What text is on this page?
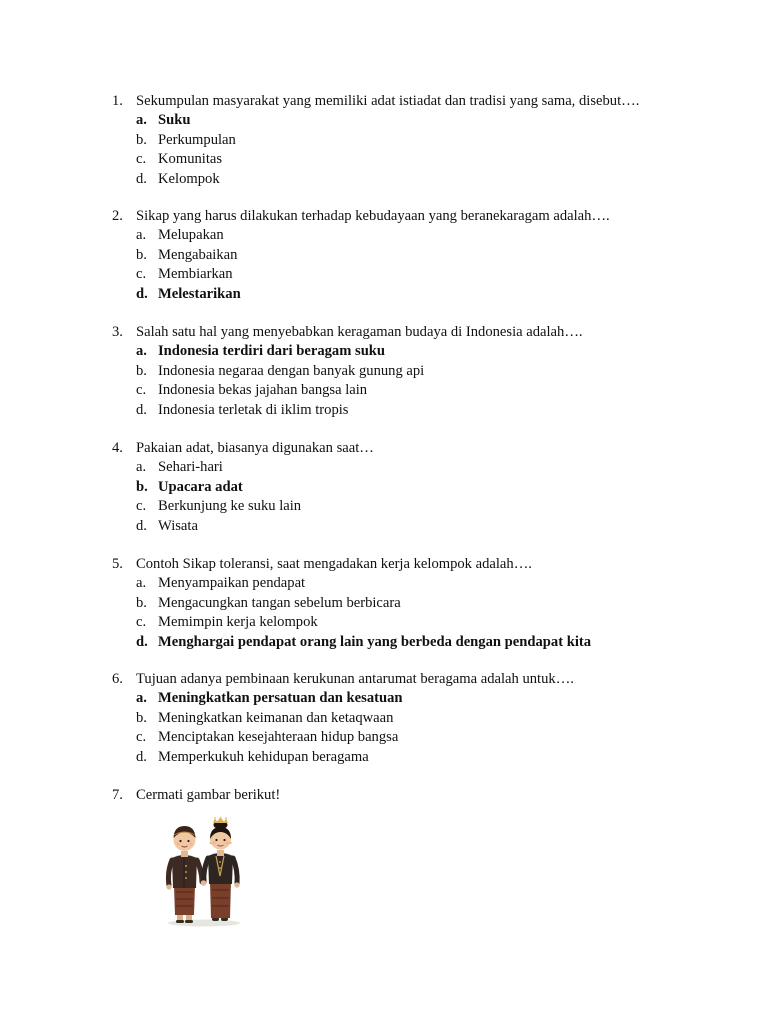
1. Sekumpulan masyarakat yang memiliki adat istiadat dan tradisi yang sama, disebut….
a. Suku
b. Perkumpulan
c. Komunitas
d. Kelompok
2. Sikap yang harus dilakukan terhadap kebudayaan yang beranekaragam adalah….
a. Melupakan
b. Mengabaikan
c. Membiarkan
d. Melestarikan
3. Salah satu hal yang menyebabkan keragaman budaya di Indonesia adalah….
a. Indonesia terdiri dari beragam suku
b. Indonesia negaraa dengan banyak gunung api
c. Indonesia bekas jajahan bangsa lain
d. Indonesia terletak di iklim tropis
4. Pakaian adat, biasanya digunakan saat…
a. Sehari-hari
b. Upacara adat
c. Berkunjung ke suku lain
d. Wisata
5. Contoh Sikap toleransi, saat mengadakan kerja kelompok adalah….
a. Menyampaikan pendapat
b. Mengacungkan tangan sebelum berbicara
c. Memimpin kerja kelompok
d. Menghargai pendapat orang lain yang berbeda dengan pendapat kita
6. Tujuan adanya pembinaan kerukunan antarumat beragama adalah untuk….
a. Meningkatkan persatuan dan kesatuan
b. Meningkatkan keimanan dan ketaqwaan
c. Menciptakan kesejahteraan hidup bangsa
d. Memperkukuh kehidupan beragama
7. Cermati gambar berikut!
